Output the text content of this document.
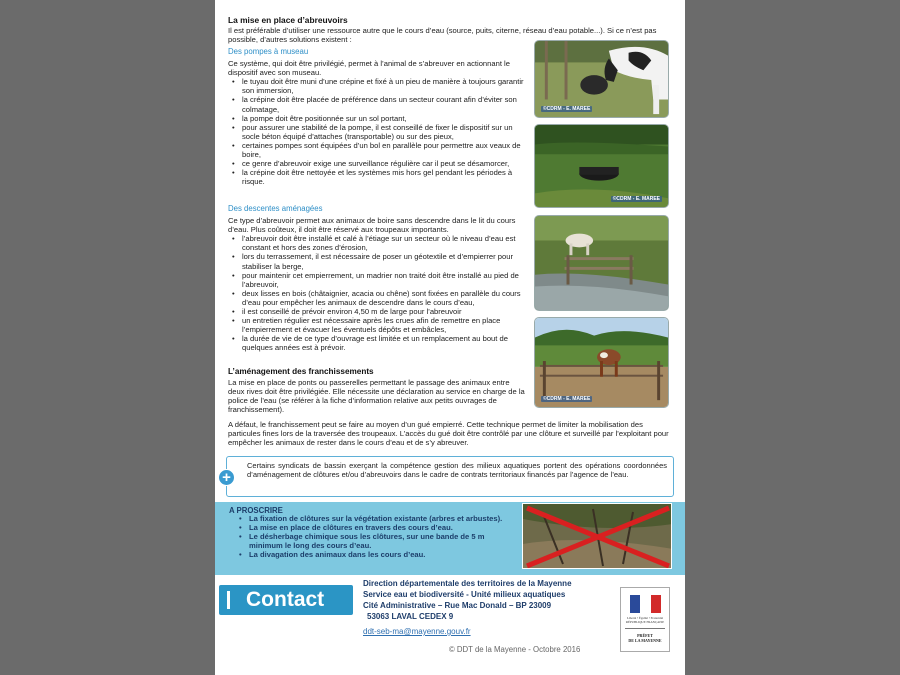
La mise en place d’abreuvoirs
Il est préférable d’utiliser une ressource autre que le cours d’eau (source, puits, citerne, réseau d’eau potable...). Si ce n’est pas possible, d’autres solutions existent :
Des pompes à museau
Ce système, qui doit être privilégié, permet à l’animal de s’abreuver en actionnant le dispositif avec son museau.
• le tuyau doit être muni d’une crépine et fixé à un pieu de manière à toujours garantir son immersion,
• la crépine doit être placée de préférence dans un secteur courant afin d’éviter son colmatage,
• la pompe doit être positionnée sur un sol portant,
• pour assurer une stabilité de la pompe, il est conseillé de fixer le dispositif sur un socle béton équipé d’attaches (transportable) ou sur des pieux,
• certaines pompes sont équipées d’un bol en parallèle pour permettre aux veaux de boire,
• ce genre d’abreuvoir exige une surveillance régulière car il peut se désamorcer,
• la crépine doit être nettoyée et les systèmes mis hors gel pendant les périodes à risque.
Des descentes aménagées
Ce type d’abreuvoir permet aux animaux de boire sans descendre dans le lit du cours d’eau. Plus coûteux, il doit être réservé aux troupeaux importants.
• l’abreuvoir doit être installé et calé à l’étiage sur un secteur où le niveau d’eau est constant et hors des zones d’érosion,
• lors du terrassement, il est nécessaire de poser un géotextile et d’empierrer pour stabiliser la berge,
• pour maintenir cet empierrement, un madrier non traité doit être installé au pied de l’abreuvoir,
• deux lisses en bois (châtaignier, acacia ou chêne) sont fixées en parallèle du cours d’eau pour empêcher les animaux de descendre dans le cours d’eau,
• il est conseillé de prévoir environ 4,50 m de large pour l’abreuvoir
• un entretien régulier est nécessaire après les crues afin de remettre en place l’empierrement et évacuer les éventuels dépôts et embâcles,
• la durée de vie de ce type d’ouvrage est limitée et un remplacement au bout de quelques années est à prévoir.
L’aménagement des franchissements
La mise en place de ponts ou passerelles permettant le passage des animaux entre deux rives doit être privilégiée. Elle nécessite une déclaration au service en charge de la police de l’eau (se référer à la fiche d’information relative aux petits ouvrages de franchissement).
A défaut, le franchissement peut se faire au moyen d’un gué empierré. Cette technique permet de limiter la mobilisation des particules fines lors de la traversée des troupeaux. L’accès du gué doit être contrôlé par une clôture et surveillé par l’exploitant pour empêcher les animaux de rester dans le cours d’eau et de s’y abreuver.
©CDRM - E. MAREE
©CDRM - E. MAREE
©CDRM - E. MAREE
+
Certains syndicats de bassin exerçant la compétence gestion des milieux aquatiques portent des opérations coordonnées d’aménagement de clôtures et/ou d’abreuvoirs dans le cadre de contrats territoriaux financés par l’agence de l’eau.
A PROSCRIRE
• La fixation de clôtures sur la végétation existante (arbres et arbustes).
• La mise en place de clôtures en travers des cours d’eau.
• Le désherbage chimique sous les clôtures, sur une bande de 5 m minimum le long des cours d’eau.
• La divagation des animaux dans les cours d’eau.
Contact
Direction départementale des territoires de la Mayenne
Service eau et biodiversité - Unité milieux aquatiques
Cité Administrative – Rue Mac Donald – BP 23009
53063 LAVAL CEDEX 9
ddt-seb-ma@mayenne.gouv.fr
© DDT de la Mayenne - Octobre 2016
Liberté • Égalité • Fraternité
RÉPUBLIQUE FRANÇAISE
PRÉFET
DE LA MAYENNE
